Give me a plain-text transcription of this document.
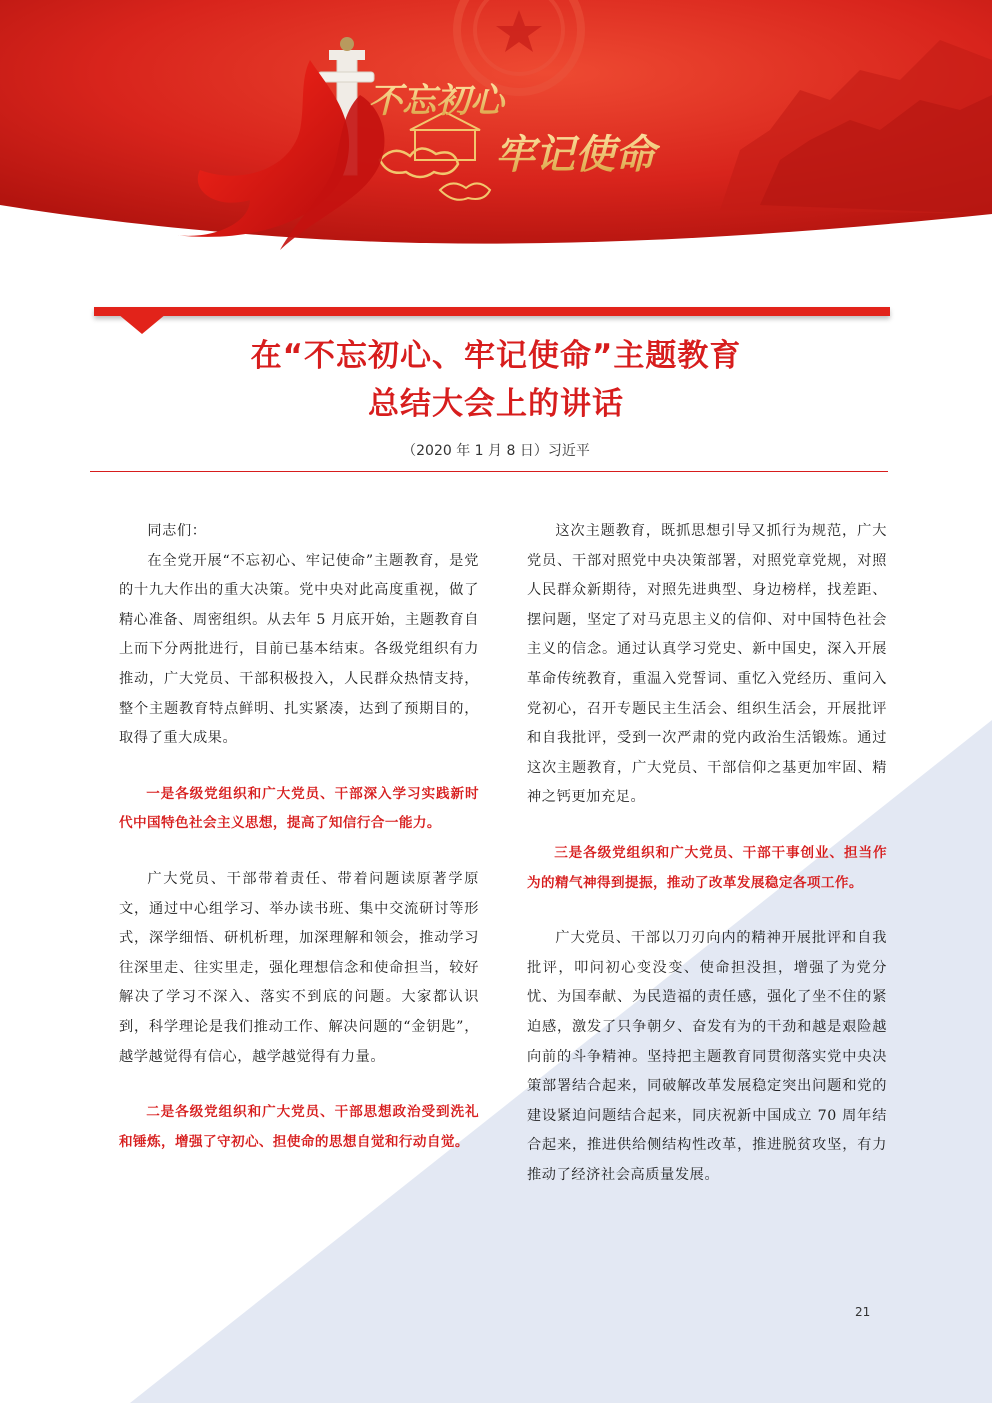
不忘初心
牢记使命
在“不忘初心、牢记使命”主题教育
总结大会上的讲话
（2020 年 1 月 8 日）习近平

同志们：

在全党开展“不忘初心、牢记使命”主题教育，是党的十九大作出的重大决策。党中央对此高度重视，做了精心准备、周密组织。从去年 5 月底开始，主题教育自上而下分两批进行，目前已基本结束。各级党组织有力推动，广大党员、干部积极投入，人民群众热情支持，整个主题教育特点鲜明、扎实紧凑，达到了预期目的，取得了重大成果。

一是各级党组织和广大党员、干部深入学习实践新时代中国特色社会主义思想，提高了知信行合一能力。

广大党员、干部带着责任、带着问题读原著学原文，通过中心组学习、举办读书班、集中交流研讨等形式，深学细悟、研机析理，加深理解和领会，推动学习往深里走、往实里走，强化理想信念和使命担当，较好解决了学习不深入、落实不到底的问题。大家都认识到，科学理论是我们推动工作、解决问题的“金钥匙”，越学越觉得有信心，越学越觉得有力量。

二是各级党组织和广大党员、干部思想政治受到洗礼和锤炼，增强了守初心、担使命的思想自觉和行动自觉。

这次主题教育，既抓思想引导又抓行为规范，广大党员、干部对照党中央决策部署，对照党章党规，对照人民群众新期待，对照先进典型、身边榜样，找差距、摆问题，坚定了对马克思主义的信仰、对中国特色社会主义的信念。通过认真学习党史、新中国史，深入开展革命传统教育，重温入党誓词、重忆入党经历、重问入党初心，召开专题民主生活会、组织生活会，开展批评和自我批评，受到一次严肃的党内政治生活锻炼。通过这次主题教育，广大党员、干部信仰之基更加牢固、精神之钙更加充足。

三是各级党组织和广大党员、干部干事创业、担当作为的精气神得到提振，推动了改革发展稳定各项工作。

广大党员、干部以刀刃向内的精神开展批评和自我批评，叩问初心变没变、使命担没担，增强了为党分忧、为国奉献、为民造福的责任感，强化了坐不住的紧迫感，激发了只争朝夕、奋发有为的干劲和越是艰险越向前的斗争精神。坚持把主题教育同贯彻落实党中央决策部署结合起来，同破解改革发展稳定突出问题和党的建设紧迫问题结合起来，同庆祝新中国成立 70 周年结合起来，推进供给侧结构性改革，推进脱贫攻坚，有力推动了经济社会高质量发展。

21
